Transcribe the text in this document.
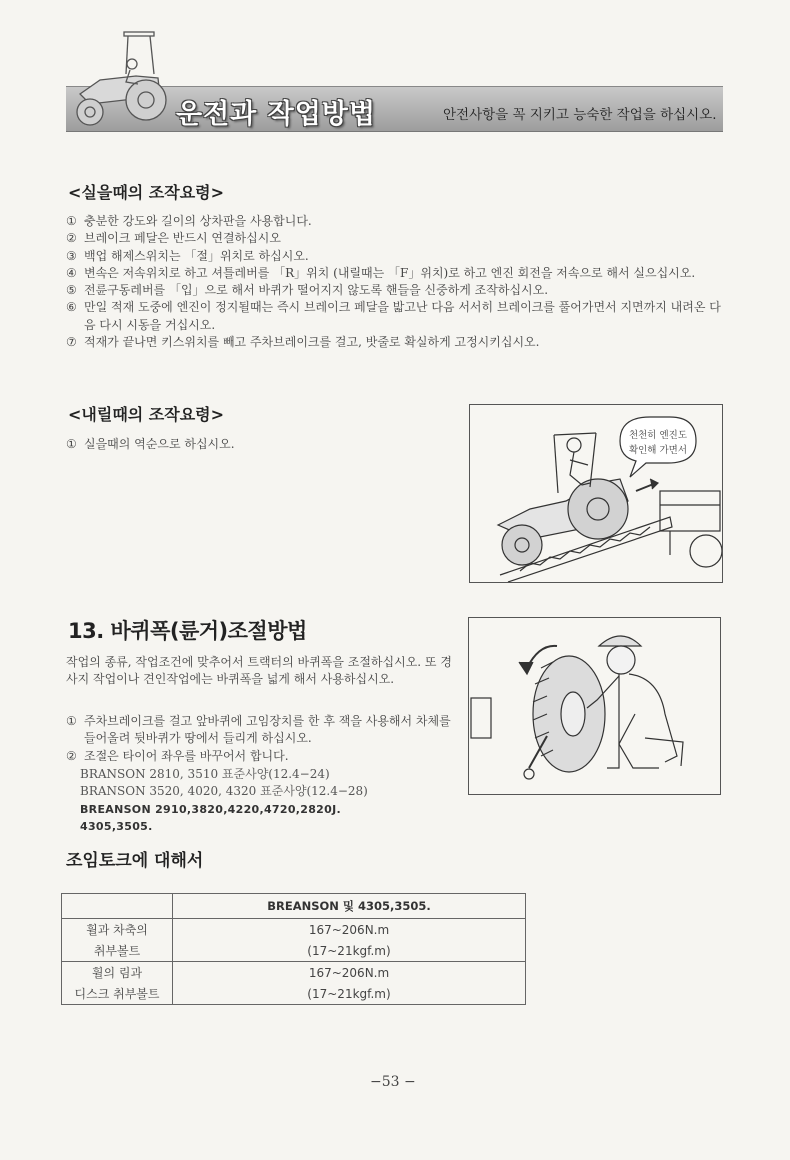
운전과 작업방법	안전사항을 꼭 지키고 능숙한 작업을 하십시오.
<실을때의 조작요령>
① 충분한 강도와 길이의 상차판을 사용합니다.
② 브레이크 페달은 반드시 연결하십시오
③ 백업 해제스위치는 「절」위치로 하십시오.
④ 변속은 저속위치로 하고 셔틀레버를 「R」위치 (내릴때는 「F」위치)로 하고 엔진 회전을 저속으로 해서 실으십시오.
⑤ 전륜구동레버를 「입」으로 해서 바퀴가 떨어지지 않도록 핸들을 신중하게 조작하십시오.
⑥ 만일 적재 도중에 엔진이 정지될때는 즉시 브레이크 페달을 밟고난 다음 서서히 브레이크를 풀어가면서 지면까지 내려온 다음 다시 시동을 거십시오.
⑦ 적재가 끝나면 키스위치를 빼고 주차브레이크를 걸고, 밧줄로 확실하게 고정시키십시오.
<내릴때의 조작요령>
① 실을때의 역순으로 하십시오.
천천히 엔진도
확인해 가면서
13. 바퀴폭(륜거)조절방법
작업의 종류, 작업조건에 맞추어서 트랙터의 바퀴폭을 조절하십시오. 또 경사지 작업이나 견인작업에는 바퀴폭을 넓게 해서 사용하십시오.
① 주차브레이크를 걸고 앞바퀴에 고임장치를 한 후 잭을 사용해서 차체를 들어올려 뒷바퀴가 땅에서 들리게 하십시오.
② 조절은 타이어 좌우를 바꾸어서 합니다.
BRANSON 2810, 3510 표준사양(12.4−24)
BRANSON 3520, 4020, 4320 표준사양(12.4−28)
BREANSON 2910,3820,4220,4720,2820J.
4305,3505.
조임토크에 대해서
	BREANSON 및 4305,3505.
휠과 차축의	167~206N.m
취부볼트	(17~21kgf.m)
휠의 림과	167~206N.m
디스크 취부볼트	(17~21kgf.m)
−53 −
